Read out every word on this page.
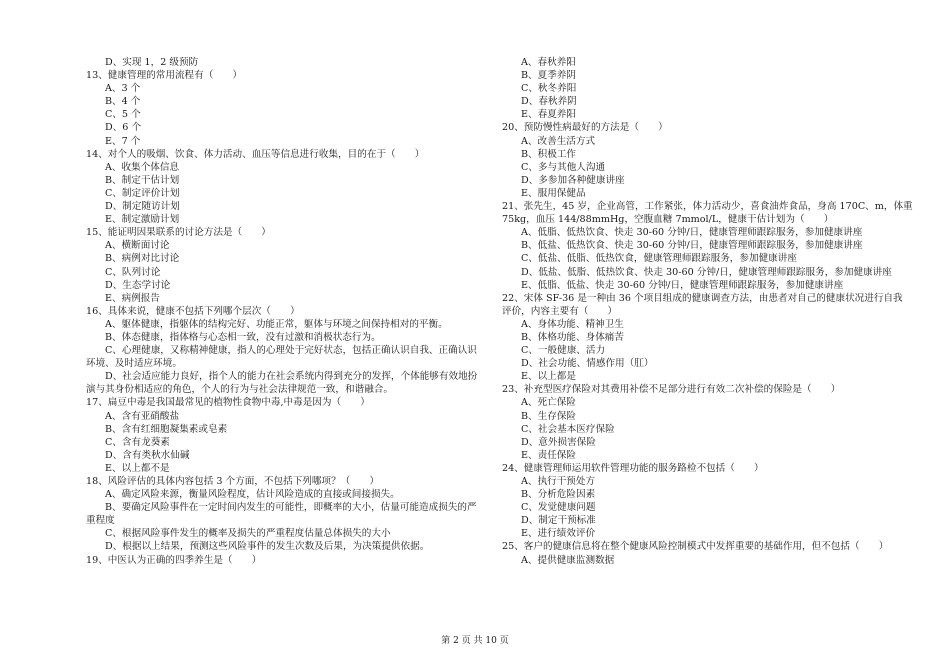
D、实现 1，2 级预防
13、健康管理的常用流程有（　　）
A、3 个
B、4 个
C、5 个
D、6 个
E、7 个
14、对个人的吸烟、饮食、体力活动、血压等信息进行收集，目的在于（　　）
A、收集个体信息
B、制定干估计划
C、制定评价计划
D、制定随访计划
E、制定激励计划
15、能证明因果联系的讨论方法是（　　）
A、横断面讨论
B、病例对比讨论
C、队列讨论
D、生态学讨论
E、病例报告
16、具体来说，健康不包括下列哪个层次（　　）
A、躯体健康，指躯体的结构完好、功能正常，躯体与环境之间保持相对的平衡。
B、体态健康，指体格与心态相一致，没有过激和消极状态行为。
C、心理健康，又称精神健康，指人的心理处于完好状态，包括正确认识自我、正确认识
环境、及时适应环境。
D、社会适应能力良好，指个人的能力在社会系统内得到充分的发挥，个体能够有效地扮
演与其身份相适应的角色，个人的行为与社会法律规范一致，和谐融合。
17、扁豆中毒是我国最常见的植物性食物中毒,中毒是因为（　　）
A、含有亚硝酸盐
B、含有红细胞凝集素或皂素
C、含有龙葵素
D、含有类秋水仙碱
E、以上都不是
18、风险评估的具体内容包括 3 个方面，不包括下列哪项？（　　）
A、确定风险来源，衡量风险程度，估计风险造成的直接或间接损失。
B、要确定风险事件在一定时间内发生的可能性，即概率的大小，估量可能造成损失的严
重程度
C、根据风险事件发生的概率及损失的严重程度估量总体损失的大小
D、根据以上结果，预测这些风险事件的发生次数及后果，为决策提供依据。
19、中医认为正确的四季养生是（　　）
A、春秋养阳
B、夏季养阴
C、秋冬养阳
D、春秋养阴
E、春夏养阳
20、预防慢性病最好的方法是（　　）
A、改善生活方式
B、积极工作
C、多与其他人沟通
D、多参加各种健康讲座
E、服用保健品
21、张先生，45 岁，企业高管，工作紧张，体力活动少，喜食油炸食品，身高 170C、m，体重
75kg，血压 144/88mmHg，空腹血糖 7mmol/L，健康干估计划为（　　）
A、低脂、低热饮食、快走 30-60 分钟/日，健康管理师跟踪服务，参加健康讲座
B、低盐、低热饮食、快走 30-60 分钟/日，健康管理师跟踪服务，参加健康讲座
C、低盐、低脂、低热饮食，健康管理师跟踪服务，参加健康讲座
D、低盐、低脂、低热饮食、快走 30-60 分钟/日，健康管理师跟踪服务，参加健康讲座
E、低脂、低盐、快走 30-60 分钟/日，健康管理师跟踪服务，参加健康讲座
22、宋体 SF-36 是一种由 36 个项目组成的健康调查方法，由患者对自己的健康状况进行自我
评价，内容主要有（　　）
A、身体功能、精神卫生
B、体格功能、身体痛苦
C、一般健康、活力
D、社会功能、情感作用（肛）
E、以上都是
23、补充型医疗保险对其费用补偿不足部分进行有效二次补偿的保险是（　　）
A、死亡保险
B、生存保险
C、社会基本医疗保险
D、意外损害保险
E、责任保险
24、健康管理师运用软件管理功能的服务路检不包括（　　）
A、执行干预处方
B、分析危险因素
C、发觉健康问题
D、制定干预标准
E、进行绩效评价
25、客户的健康信息将在整个健康风险控制模式中发挥重要的基础作用，但不包括（　　）
A、提供健康监测数据
第 2 页 共 10 页
